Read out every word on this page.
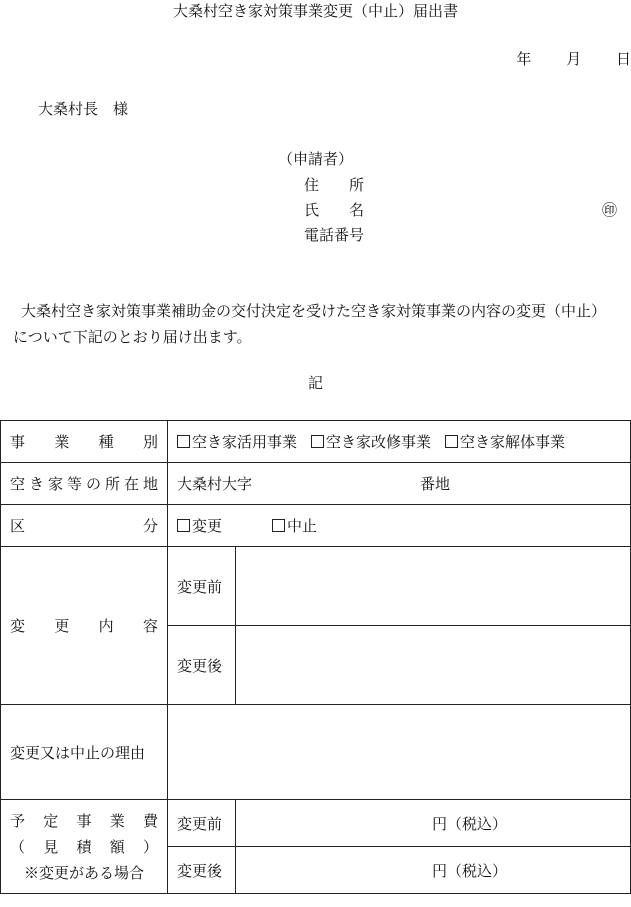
大桑村空き家対策事業変更（中止）届出書
年 月 日
大桑村長　様
（申請者）
住　　所
氏　　名	㊞
電話番号
大桑村空き家対策事業補助金の交付決定を受けた空き家対策事業の内容の変更（中止）について下記のとおり届け出ます。
記
事業種別	空き家活用事業 空き家改修事業 空き家解体事業	

空き家等の所在地	大桑村大字 番地	

区分	変更 中止	

変更内容	変更前	
	変更後	
変更又は中止の理由		

予定事業費
（見積額）
※変更がある場合	変更前	円（税込）
	変更後	円（税込）
